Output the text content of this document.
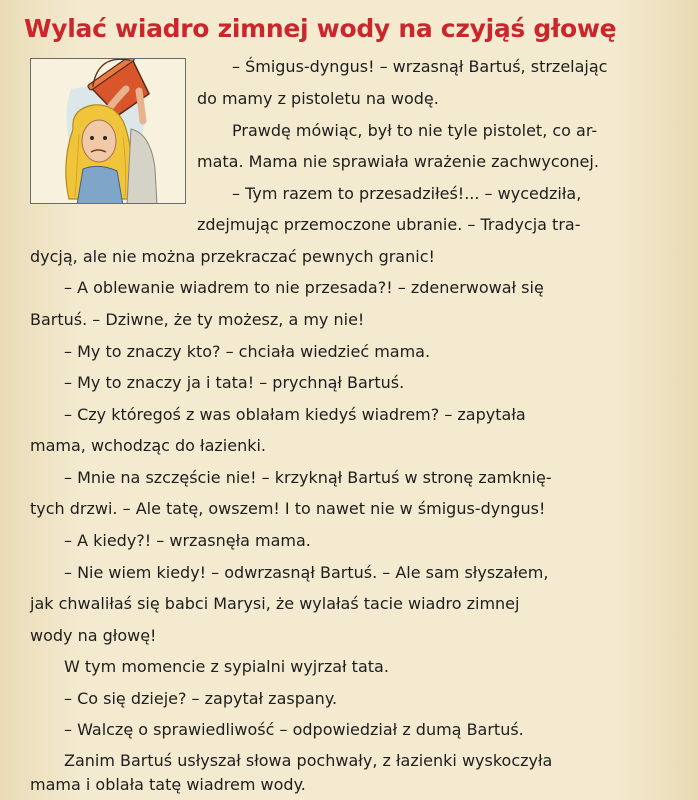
Wylać wiadro zimnej wody na czyjąś głowę
– Śmigus-dyngus! – wrzasnął Bartuś, strzelając
do mamy z pistoletu na wodę.
Prawdę mówiąc, był to nie tyle pistolet, co ar-
mata. Mama nie sprawiała wrażenie zachwyconej.
– Tym razem to przesadziłeś!... – wycedziła,
zdejmując przemoczone ubranie. – Tradycja tra-
dycją, ale nie można przekraczać pewnych granic!
– A oblewanie wiadrem to nie przesada?! – zdenerwował się
Bartuś. – Dziwne, że ty możesz, a my nie!
– My to znaczy kto? – chciała wiedzieć mama.
– My to znaczy ja i tata! – prychnął Bartuś.
– Czy któregoś z was oblałam kiedyś wiadrem? – zapytała
mama, wchodząc do łazienki.
– Mnie na szczęście nie! – krzyknął Bartuś w stronę zamknię-
tych drzwi. – Ale tatę, owszem! I to nawet nie w śmigus-dyngus!
– A kiedy?! – wrzasnęła mama.
– Nie wiem kiedy! – odwrzasnął Bartuś. – Ale sam słyszałem,
jak chwaliłaś się babci Marysi, że wylałaś tacie wiadro zimnej
wody na głowę!
W tym momencie z sypialni wyjrzał tata.
– Co się dzieje? – zapytał zaspany.
– Walczę o sprawiedliwość – odpowiedział z dumą Bartuś.
Zanim Bartuś usłyszał słowa pochwały, z łazienki wyskoczyła
mama i oblała tatę wiadrem wody.
